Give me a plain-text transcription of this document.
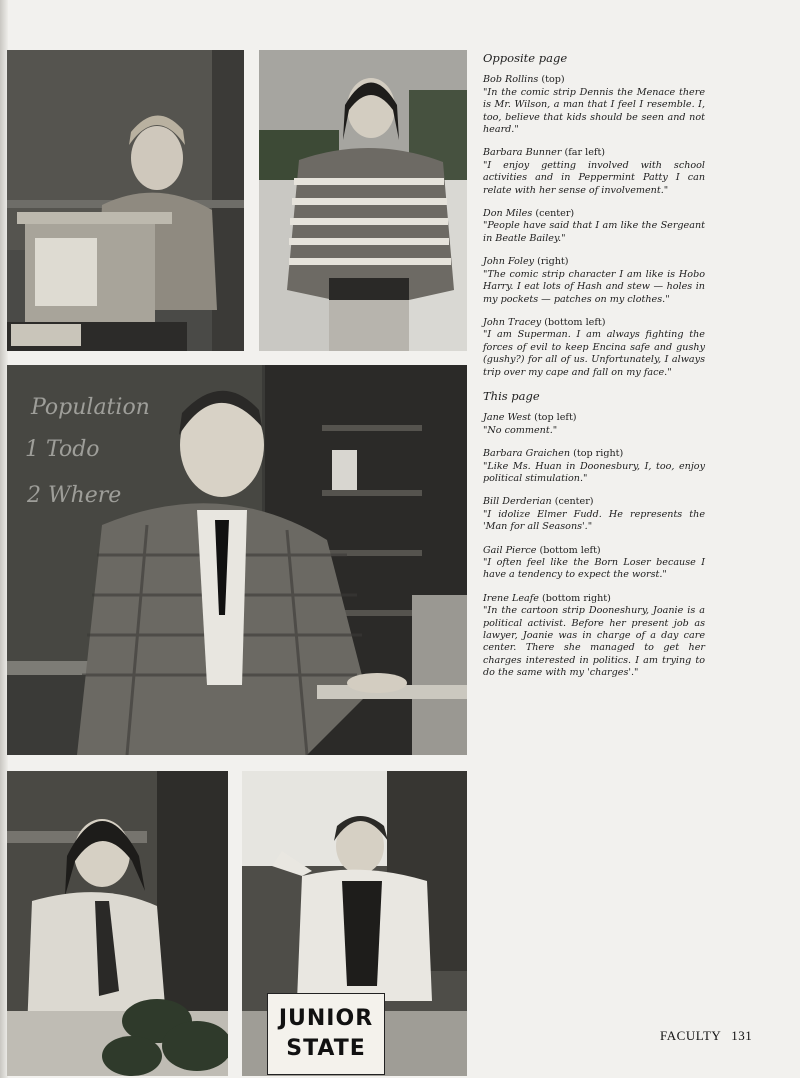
Population
1 Todo
2 Where
JUNIOR
STATE
Opposite page
Bob Rollins (top)
"In the comic strip Dennis the Menace there is Mr. Wilson, a man that I feel I resemble. I, too, believe that kids should be seen and not heard."
Barbara Bunner (far left)
"I enjoy getting involved with school activities and in Peppermint Patty I can relate with her sense of involvement."
Don Miles (center)
"People have said that I am like the Sergeant in Beatle Bailey."
John Foley (right)
"The comic strip character I am like is Hobo Harry. I eat lots of Hash and stew — holes in my pockets — patches on my clothes."
John Tracey (bottom left)
"I am Superman. I am always fighting the forces of evil to keep Encina safe and gushy (gushy?) for all of us. Unfortunately, I always trip over my cape and fall on my face."
This page
Jane West (top left)
"No comment."
Barbara Graichen (top right)
"Like Ms. Huan in Doonesbury, I, too, enjoy political stimulation."
Bill Derderian (center)
"I idolize Elmer Fudd. He represents the 'Man for all Seasons'."
Gail Pierce (bottom left)
"I often feel like the Born Loser because I have a tendency to expect the worst."
Irene Leafe (bottom right)
"In the cartoon strip Dooneshury, Joanie is a political activist. Before her present job as lawyer, Joanie was in charge of a day care center. There she managed to get her charges interested in politics. I am trying to do the same with my 'charges'."
FACULTY 131
